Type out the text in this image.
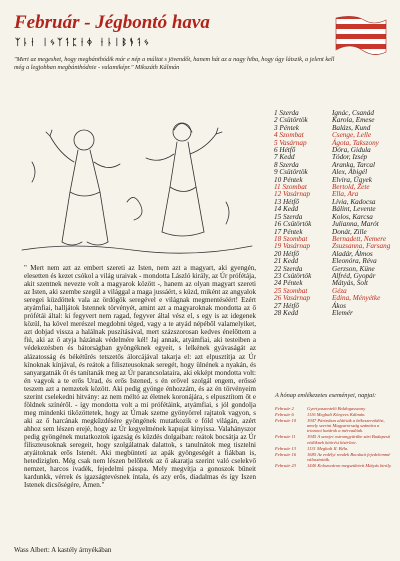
Február - Jégbontó hava
ᛉᚿᛂ ᛁᛃᛉᛑᛈᚽᛄ ᚽᚿᛁᛒᚬᛑᛃ
"Mert az megeshet, hogy megbánthódik már e nép a múltat s jövendőt, hanem hát az a nagy hiba, hogy úgy látszik, a jelent kell még a legjobban megbánthódnie - valamiképr." Mikszáth Kálmán
1 Szerda	Ignác, Csanád
2 Csütörtök	Karola, Emese
3 Péntek	Balázs, Kund
4 Szombat	Csenge, Lelle
5 Vasárnap	Ágota, Takszony
6 Hétfő	Dóra, Gidula
7 Kedd	Tódor, Izsép
8 Szerda	Aranka, Tarcal
9 Csütörtök	Alex, Ábigél
10 Péntek	Elvira, Ügyek
11 Szombat	Bertold, Zete
12 Vasárnap	Ella, Ara
13 Hétfő	Lívia, Kadocsa
14 Kedd	Bálint, Levente
15 Szerda	Kolos, Karcsa
16 Csütörtök	Julianna, Marót
17 Péntek	Donát, Zille
18 Szombat	Bernadett, Nemere
19 Vasárnap	Zsuzsanna, Farsang
20 Hétfő	Aladár, Álmos
21 Kedd	Eleonóra, Réva
22 Szerda	Gerzson, Küne
23 Csütörtök	Alfréd, Gyopár
24 Péntek	Mátyás, Solt
25 Szombat	Géza
26 Vasárnap	Edina, Ményétke
27 Hétfő	Ákos
28 Kedd	Elemér
" Mert nem azt az embert szereti az Isten, nem azt a magyart, aki gyengén, elesetten és kezet csókol a világ uraivak - mondotta László király, az Úr prófétája, akit szentnek nevezte volt a magyarok között -, hanem az olyan magyart szereti az Isten, aki szembe szegül a világgal a maga jussáért, s küzd, miként az angyalok seregei küzdöttek vala az ördögök seregével e világnak megmentéséért! Ezért atyámfiai, halljátok Istennek törvényét, amint azt a magyaroknak mondotta az ő prófétái által: ki fegyvert nem ragad, fegyver által vész el, s egy is az idegenek közül, ha kövel merészel megdobni téged, vagy a te atyád népéből valamelyiket, azt dobjad vissza a halálnak puszításával, mert százszorosan kedves énelőttem a fiú, aki az ő atyja házának védelmére kél! Jaj annak, atyámfiai, aki testeiben a védekezésben és bátorságban gyöngéknek egyeit, s lelkének gyávaságát az alázatosság és békétűrés tetszetős álorcájával takarja el: azt elpusztítja az Úr kínoknak kínjával, és reátok a filiszteusoknak seregét, hogy ülnének a nyakán, és sanyargatnák őt és tanítanák meg az Úr parancsolataira, aki ekképt mondotta volt: én vagyok a te erős Urad, és erős Istened, s én erővel szolgál engem, erőssé teszem azt a nemzetek között. Aki pedig gyönge énhozzám, és az én törvényeim szerint cselekedni hitvány: az nem méltó az életnek koronájára, s elpusztítom őt e földnek színéről. - így mondotta volt a mi prófétáink, atyámfiai, s jól gondolja meg mindenki tiközöttetek, hogy az Úrnak szeme gyönyörrel rajtatok vagyon, s aki az ő harcának megkűzdésére gyöngének mutatkozik e föld világán, azért ahhoz sem lészen erejé, hogy az Úr kegyelmének kapujat kinyissa. Valahányszor pedig gyöngének mutatkoztok igazság és küzdés dolgaiban: reátok bocsátja az Úr filiszteusoknak seregeit, hogy szolgálatnak dalattok, s tanulnátok meg tisztelni atyáitoknak erős Istenét. Aki megbüntetí az apák gyöngeségét a fiákban is, hetedíziglen. Még csak nem lészen belőletek az ő akaratja szerint való cselekvő nemzet, harcos ivadék, fejedelmi pásspa. Mely megvítja a gonoszok bűneit kardunkk, vérrek és igazságtevésnek íntala, és azy erős, diadalmas és így Iszen Istenek dicsőségére, Ámen."
Wass Albert: A kastély árnyékában
A hónap emlékezetes eseményei, napjai:
Február 2	Gyertyaszentelő Boldogasszony
Február 6	1116 Meghalt Könyves Kálmán.
Február 10	1947 Párizsban aláírták a békeszerződést, amely szerint Magyarország számára a trianoni határok a mérvadóak.
Február 11	1945 A szovjet ostromgyűrűbe zárt Budapesti védőknek kitörési kísérlete.
Február 13	1131 Meghalt II. Béla.
Február 16	1685 Az erdélyi rendek Bocskait fejedelemmé választották.
Február 23	1440 Kolozsváron megszületett Mátyás király.
